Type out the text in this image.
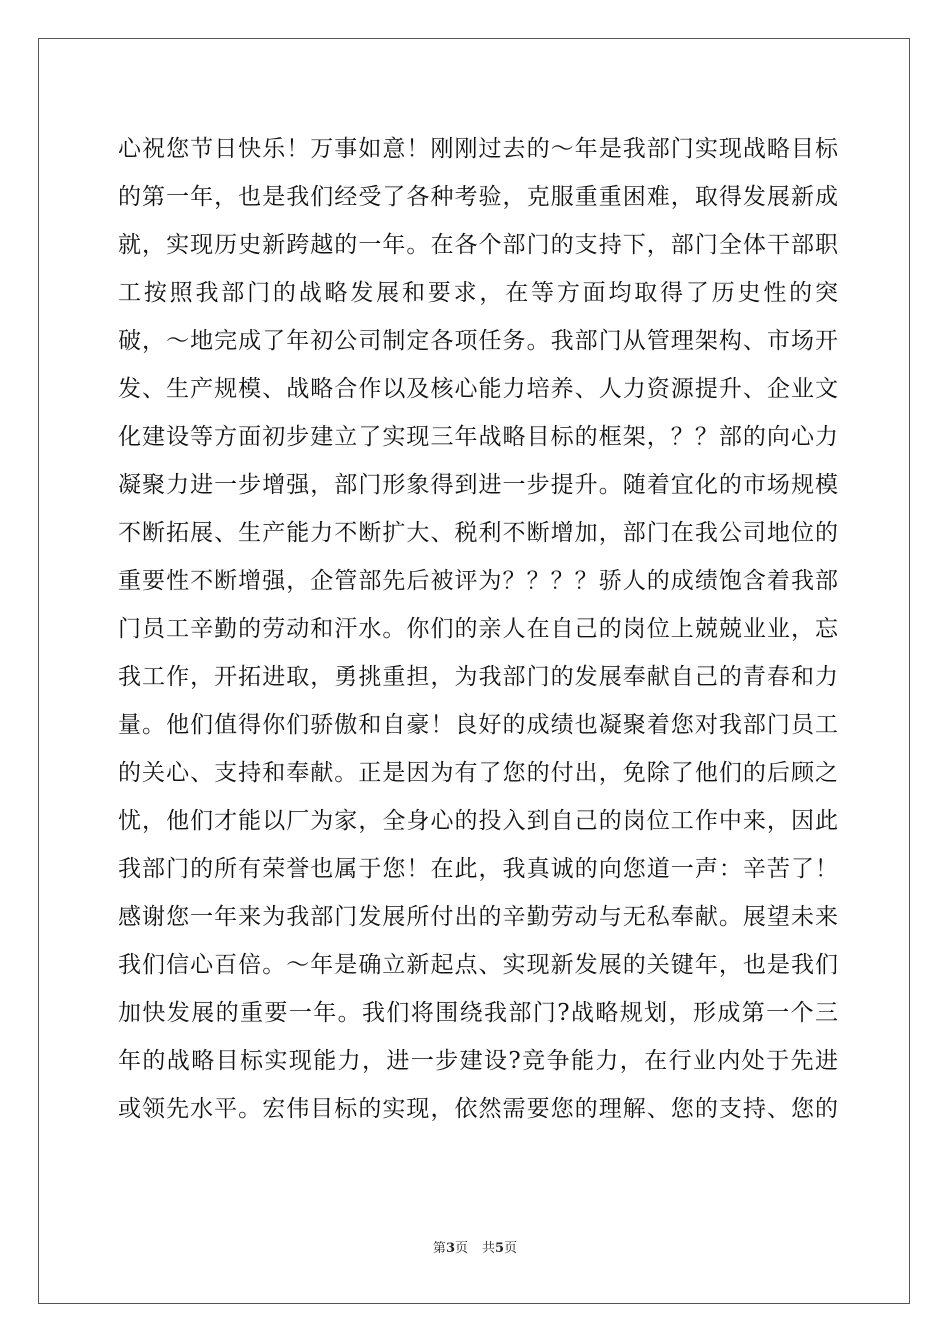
心祝您节日快乐！万事如意！刚刚过去的～年是我部门实现战略目标
的第一年，也是我们经受了各种考验，克服重重困难，取得发展新成
就，实现历史新跨越的一年。在各个部门的支持下，部门全体干部职
工按照我部门的战略发展和要求，在等方面均取得了历史性的突
破，～地完成了年初公司制定各项任务。我部门从管理架构、市场开
发、生产规模、战略合作以及核心能力培养、人力资源提升、企业文
化建设等方面初步建立了实现三年战略目标的框架，？？部的向心力
凝聚力进一步增强，部门形象得到进一步提升。随着宜化的市场规模
不断拓展、生产能力不断扩大、税利不断增加，部门在我公司地位的
重要性不断增强，企管部先后被评为？？？？骄人的成绩饱含着我部
门员工辛勤的劳动和汗水。你们的亲人在自己的岗位上兢兢业业，忘
我工作，开拓进取，勇挑重担，为我部门的发展奉献自己的青春和力
量。他们值得你们骄傲和自豪！良好的成绩也凝聚着您对我部门员工
的关心、支持和奉献。正是因为有了您的付出，免除了他们的后顾之
忧，他们才能以厂为家，全身心的投入到自己的岗位工作中来，因此
我部门的所有荣誉也属于您！在此，我真诚的向您道一声：辛苦了！
感谢您一年来为我部门发展所付出的辛勤劳动与无私奉献。展望未来
我们信心百倍。～年是确立新起点、实现新发展的关键年，也是我们
加快发展的重要一年。我们将围绕我部门?战略规划，形成第一个三
年的战略目标实现能力，进一步建设?竞争能力，在行业内处于先进
或领先水平。宏伟目标的实现，依然需要您的理解、您的支持、您的
第3页 共5页
